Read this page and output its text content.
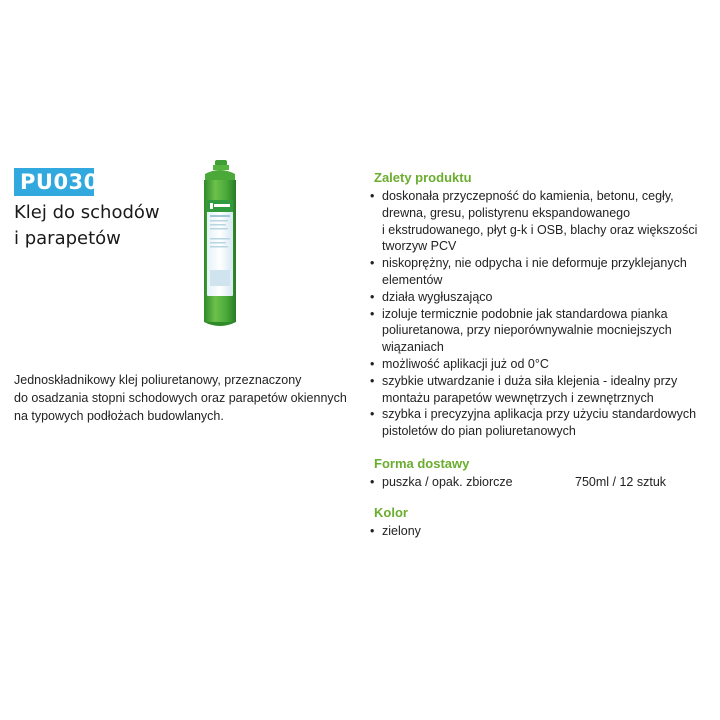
PU030
Klej do schodów
i parapetów
Jednoskładnikowy klej poliuretanowy, przeznaczony
do osadzania stopni schodowych oraz parapetów okiennych
na typowych podłożach budowlanych.
Zalety produktu
• doskonała przyczepność do kamienia, betonu, cegły,
drewna, gresu, polistyrenu ekspandowanego
i ekstrudowanego, płyt g-k i OSB, blachy oraz większości
tworzyw PCV
• niskoprężny, nie odpycha i nie deformuje przyklejanych
elementów
• działa wygłuszająco
• izoluje termicznie podobnie jak standardowa pianka
poliuretanowa, przy nieporównywalnie mocniejszych
wiązaniach
• możliwość aplikacji już od 0°C
• szybkie utwardzanie i duża siła klejenia - idealny przy
montażu parapetów wewnętrzych i zewnętrznych
• szybka i precyzyjna aplikacja przy użyciu standardowych
pistoletów do pian poliuretanowych
Forma dostawy
• puszka / opak. zbiorcze	750ml / 12 sztuk
Kolor
• zielony
